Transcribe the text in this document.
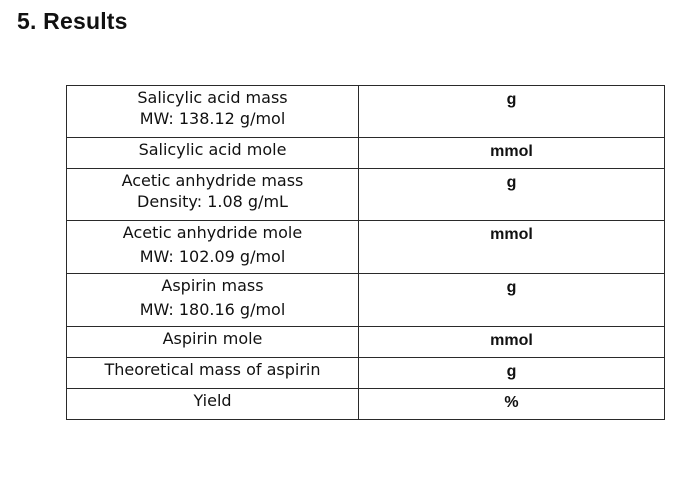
5. Results
Salicylic acid mass
MW: 138.12 g/mol	g

Salicylic acid mole	mmol

Acetic anhydride mass
Density: 1.08 g/mL	g

Acetic anhydride mole
MW: 102.09 g/mol	mmol

Aspirin mass
MW: 180.16 g/mol	g

Aspirin mole	mmol

Theoretical mass of aspirin	g

Yield	%
